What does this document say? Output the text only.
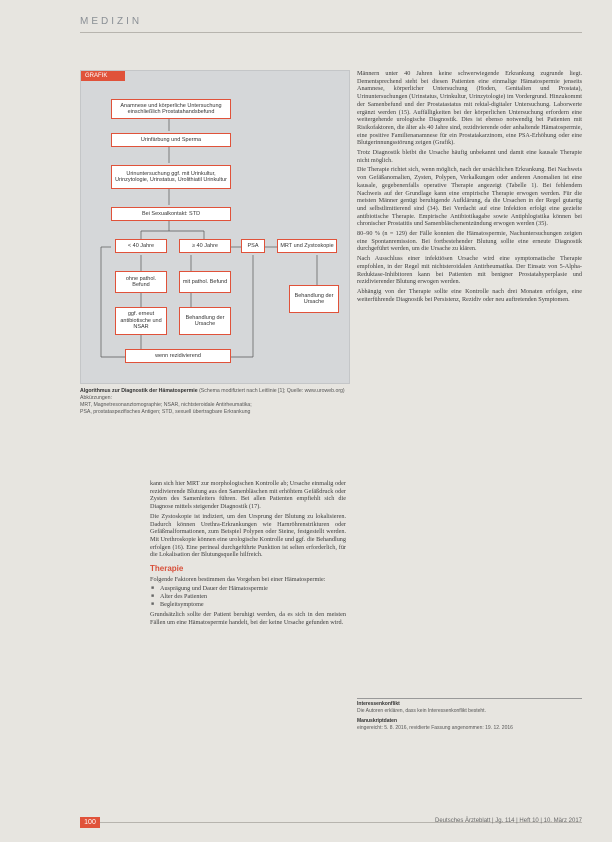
MEDIZIN
GRAFIK
Anamnese und körperliche Untersuchung einschließlich Prostatahandsbefund
Urinfärbung und Sperma
Urinuntersuchung ggf. mit Urinkultur, Urinzytologie, Urinstatus, Urolithiatil Urinkultur
Bei Sexualkontakt: STD
< 40 Jahre	≥ 40 Jahre	PSA	MRT und Zystoskopie
ohne pathol. Befund
mit pathol. Befund
ggf. erneut antibiotische und NSAR
Behandlung der Ursache
Behandlung der Ursache
wenn rezidivierend
Algorithmus zur Diagnostik der Hämatospermie (Schema modifiziert nach Leitlinie [1]; Quelle: www.uroweb.org) Abkürzungen:
MRT, Magnetresonanztomographie; NSAR, nichtsteroidale Antirheumatika;
PSA, prostataspezifisches Antigen; STD, sexuell übertragbare Erkrankung

kann sich hier MRT zur morphologischen Kontrolle ab; Ursache einmalig oder rezidivierende Blutung aus den Samenbläschen mit erhöhtem Gefäßdruck oder Zysten des Samenleiters führen. Bei allen Patienten empfiehlt sich die Diagnose mittels steigender Diagnostik (17).

Die Zystoskopie ist indiziert, um den Ursprung der Blutung zu lokalisieren. Dadurch können Urethra-Erkrankungen wie Harnröhrenstrikturen oder Gefäßmalformationen, zum Beispiel Polypen oder Steine, festgestellt werden. Mit Urethroskopie können eine urologische Kontrolle und ggf. die Behandlung erfolgen (16). Eine perineal durchgeführte Punktion ist selten erforderlich, für die Lokalisation der Blutungsquelle hilfreich.

Therapie

Folgende Faktoren bestimmen das Vorgehen bei einer Hämatospermie:

■ Ausprägung und Dauer der Hämatospermie
■ Alter des Patienten
■ Begleitsymptome

Grundsätzlich sollte der Patient beruhigt werden, da es sich in den meisten Fällen um eine Hämatospermie handelt, bei der keine Ursache gefunden wird.

Männern unter 40 Jahren keine schwerwiegende Erkrankung zugrunde liegt. Dementsprechend steht bei diesen Patienten eine einmalige Hämatospermie jenseits Anamnese, körperlicher Untersuchung (Hoden, Genitalien und Prostata), Urinuntersuchungen (Urinstatus, Urinkultur, Urinzytologie) im Vordergrund. Hinzukommt der Samenbefund und der Prostatastatus mit rektal-digitaler Untersuchung. Laborwerte ergänzt werden (15). Auffälligkeiten bei der körperlichen Untersuchung erfordern eine weitergehende urologische Diagnostik. Dies ist ebenso notwendig bei Patienten mit Risikofaktoren, die älter als 40 Jahre sind, rezidivierende oder anhaltende Hämatospermie, eine positive Familienanamnese für ein Prostatakarzinom, eine PSA-Erhöhung oder eine Blutgerinnungsstörung zeigen (Grafik).

Trotz Diagnostik bleibt die Ursache häufig unbekannt und damit eine kausale Therapie nicht möglich.

Die Therapie richtet sich, wenn möglich, nach der ursächlichen Erkrankung. Bei Nachweis von Gefäßanomalien, Zysten, Polypen, Verkalkungen oder anderen Anomalien ist eine kausale, gegebenenfalls operative Therapie angezeigt (Tabelle 1). Bei fehlendem Nachweis auf der Grundlage kann eine empirische Therapie erwogen werden. Für die meisten Männer genügt beruhigende Aufklärung, da die Ursachen in der Regel gutartig und selbstlimitierend sind (34). Bei Verdacht auf eine Infektion erfolgt eine gezielte antibiotische Therapie. Empirische Antibiotikagabe sowie Antiphlogistika können bei chronischer Prostatitis und Samenbläschenentzündung erwogen werden (35).

80–90 % (n = 129) der Fälle konnten die Hämatospermie, Nachuntersuchungen zeigten eine Spontanremission. Bei fortbestehender Blutung sollte eine erneute Diagnostik durchgeführt werden, um die Ursache zu klären.

Nach Ausschluss einer infektiösen Ursache wird eine symptomatische Therapie empfohlen, in der Regel mit nichtsteroidalen Antirheumatika. Der Einsatz von 5-Alpha-Reduktase-Inhibitoren kann bei Patienten mit benigner Prostatahyperplasie und rezidivierender Blutung erwogen werden.

Abhängig von der Therapie sollte eine Kontrolle nach drei Monaten erfolgen, eine weiterführende Diagnostik bei Persistenz, Rezidiv oder neu auftretenden Symptomen.

Interessenkonflikt
Die Autoren erklären, dass kein Interessenkonflikt besteht.
Manuskriptdaten
eingereicht: 5. 8. 2016, revidierte Fassung angenommen: 19. 12. 2016
100	Deutsches Ärzteblatt | Jg. 114 | Heft 10 | 10. März 2017
